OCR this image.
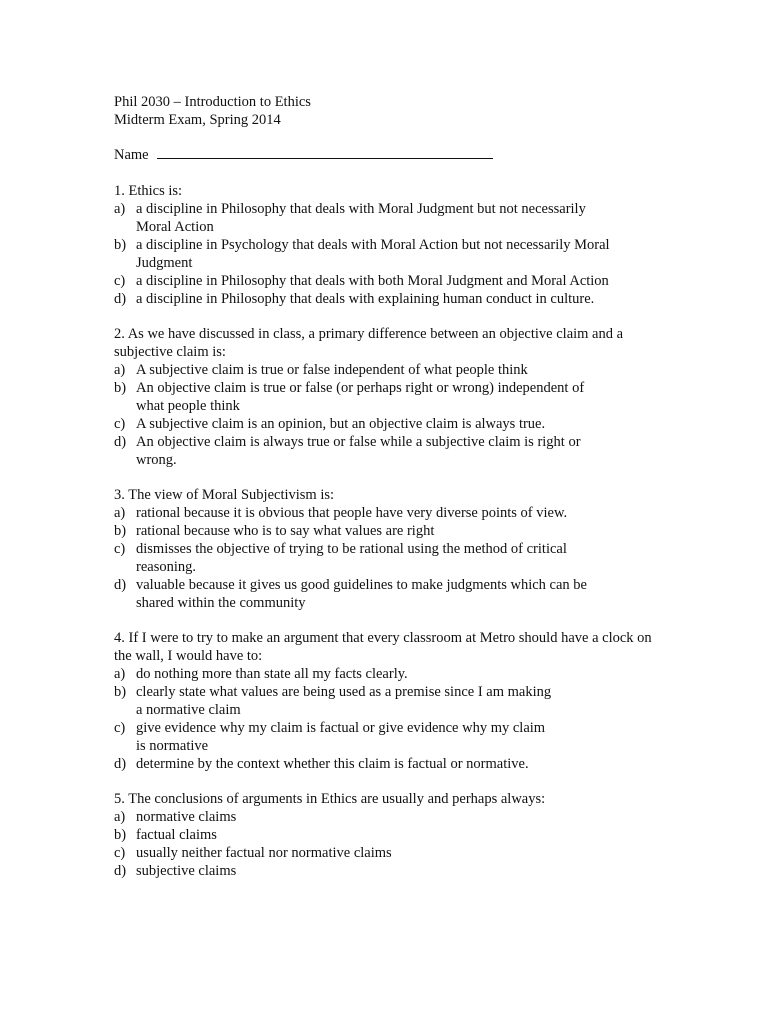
Phil 2030 – Introduction to Ethics
Midterm Exam, Spring 2014
Name

1. Ethics is:

a) a discipline in Philosophy that deals with Moral Judgment but not necessarily Moral Action
b) a discipline in Psychology that deals with Moral Action but not necessarily Moral Judgment
c) a discipline in Philosophy that deals with both Moral Judgment and Moral Action
d) a discipline in Philosophy that deals with explaining human conduct in culture.

2. As we have discussed in class, a primary difference between an objective claim and a subjective claim is:

a) A subjective claim is true or false independent of what people think
b) An objective claim is true or false (or perhaps right or wrong) independent of what people think
c) A subjective claim is an opinion, but an objective claim is always true.
d) An objective claim is always true or false while a subjective claim is right or wrong.

3. The view of Moral Subjectivism is:

a) rational because it is obvious that people have very diverse points of view.
b) rational because who is to say what values are right
c) dismisses the objective of trying to be rational using the method of critical reasoning.
d) valuable because it gives us good guidelines to make judgments which can be shared within the community

4. If I were to try to make an argument that every classroom at Metro should have a clock on the wall, I would have to:

a) do nothing more than state all my facts clearly.
b) clearly state what values are being used as a premise since I am making a normative claim
c) give evidence why my claim is factual or give evidence why my claim is normative
d) determine by the context whether this claim is factual or normative.

5. The conclusions of arguments in Ethics are usually and perhaps always:

a) normative claims
b) factual claims
c) usually neither factual nor normative claims
d) subjective claims
